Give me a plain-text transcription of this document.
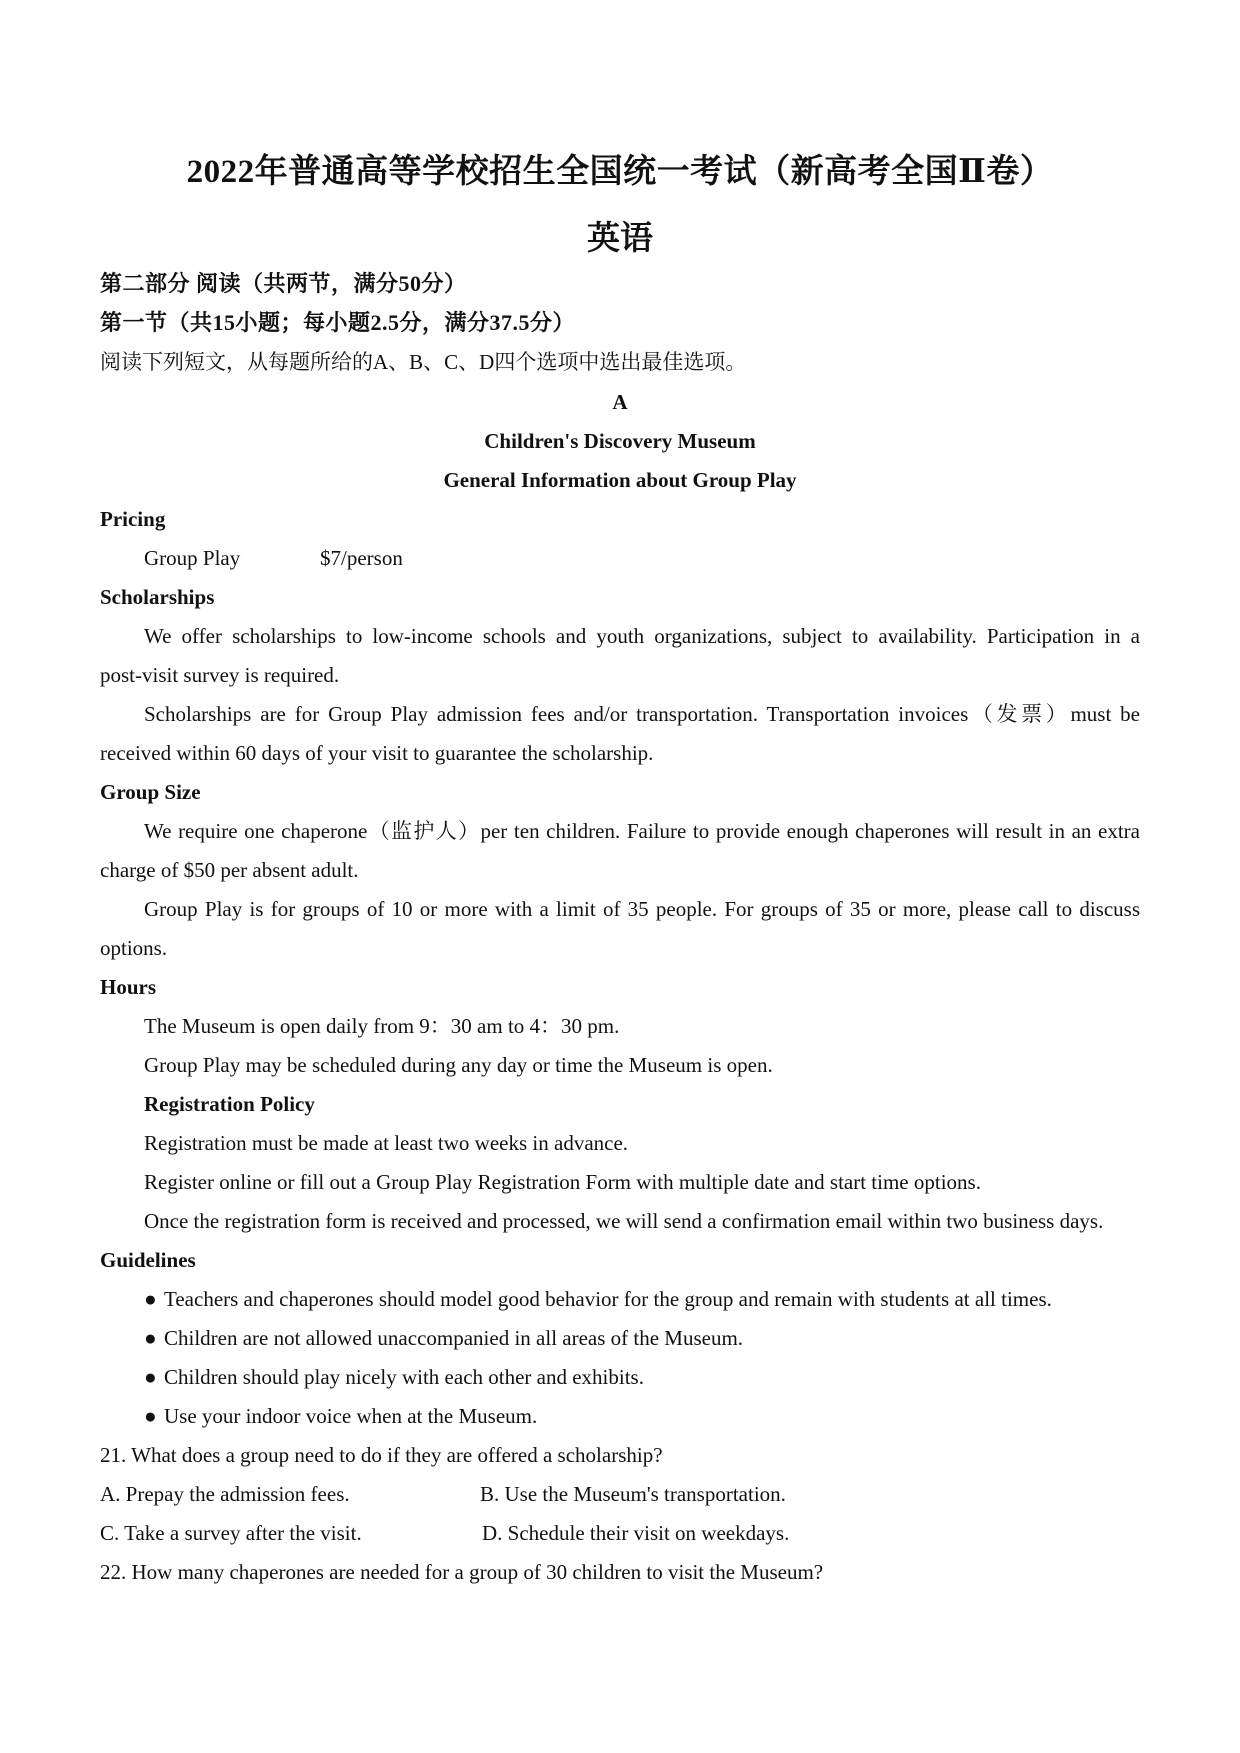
2022年普通高等学校招生全国统一考试（新高考全国Ⅱ卷）
英语

第二部分 阅读（共两节，满分50分）

第一节（共15小题；每小题2.5分，满分37.5分）

阅读下列短文，从每题所给的A、B、C、D四个选项中选出最佳选项。

A

Children's Discovery Museum

General Information about Group Play

Pricing

Group Play	$7/person

Scholarships

We offer scholarships to low-income schools and youth organizations, subject to availability. Participation in a

post-visit survey is required.

Scholarships are for Group Play admission fees and/or transportation. Transportation invoices（发票）must be

received within 60 days of your visit to guarantee the scholarship.

Group Size

We require one chaperone（监护人）per ten children. Failure to provide enough chaperones will result in an extra

charge of $50 per absent adult.

Group Play is for groups of 10 or more with a limit of 35 people. For groups of 35 or more, please call to discuss

options.

Hours

The Museum is open daily from 9：30 am to 4：30 pm.

Group Play may be scheduled during any day or time the Museum is open.

Registration Policy

Registration must be made at least two weeks in advance.

Register online or fill out a Group Play Registration Form with multiple date and start time options.

Once the registration form is received and processed, we will send a confirmation email within two business days.

Guidelines

● Teachers and chaperones should model good behavior for the group and remain with students at all times.

● Children are not allowed unaccompanied in all areas of the Museum.

● Children should play nicely with each other and exhibits.

● Use your indoor voice when at the Museum.

21. What does a group need to do if they are offered a scholarship?

A. Prepay the admission fees.	B. Use the Museum's transportation.

C. Take a survey after the visit.	D. Schedule their visit on weekdays.

22. How many chaperones are needed for a group of 30 children to visit the Museum?
